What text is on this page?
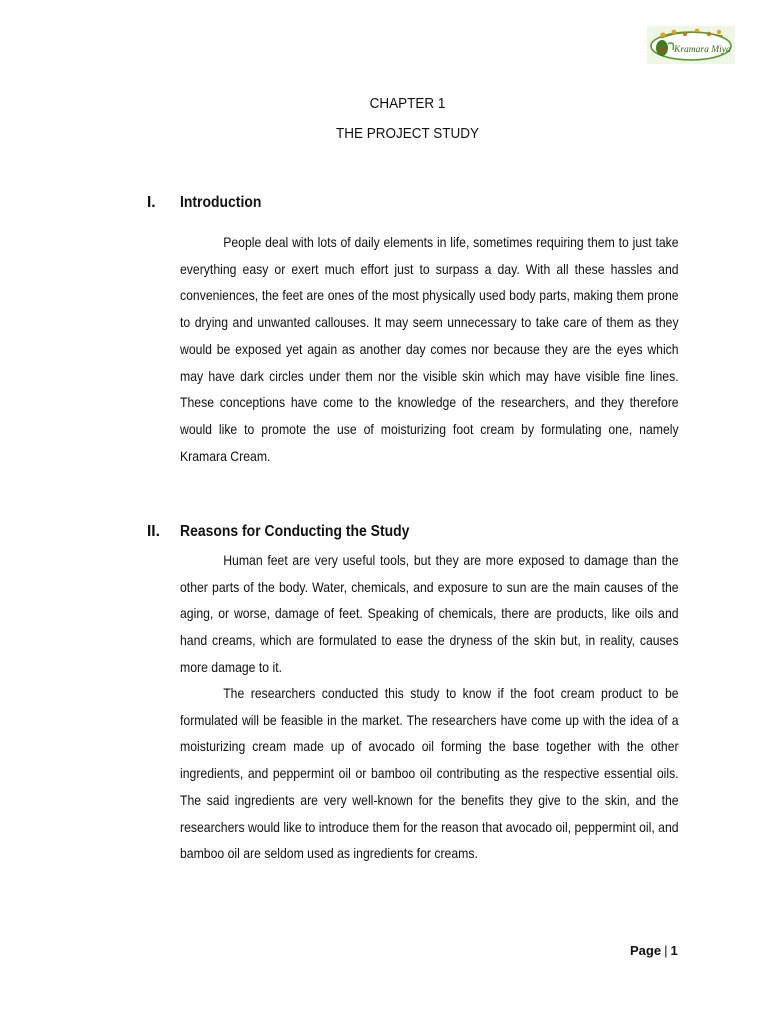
Kramara Miya
CHAPTER 1
THE PROJECT STUDY
I.	Introduction
People deal with lots of daily elements in life, sometimes requiring them to just take everything easy or exert much effort just to surpass a day. With all these hassles and conveniences, the feet are ones of the most physically used body parts, making them prone to drying and unwanted callouses. It may seem unnecessary to take care of them as they would be exposed yet again as another day comes nor because they are the eyes which may have dark circles under them nor the visible skin which may have visible fine lines. These conceptions have come to the knowledge of the researchers, and they therefore would like to promote the use of moisturizing foot cream by formulating one, namely Kramara Cream.
II.	Reasons for Conducting the Study
Human feet are very useful tools, but they are more exposed to damage than the other parts of the body. Water, chemicals, and exposure to sun are the main causes of the aging, or worse, damage of feet. Speaking of chemicals, there are products, like oils and hand creams, which are formulated to ease the dryness of the skin but, in reality, causes more damage to it.
The researchers conducted this study to know if the foot cream product to be formulated will be feasible in the market. The researchers have come up with the idea of a moisturizing cream made up of avocado oil forming the base together with the other ingredients, and peppermint oil or bamboo oil contributing as the respective essential oils. The said ingredients are very well-known for the benefits they give to the skin, and the researchers would like to introduce them for the reason that avocado oil, peppermint oil, and bamboo oil are seldom used as ingredients for creams.
Page | 1
